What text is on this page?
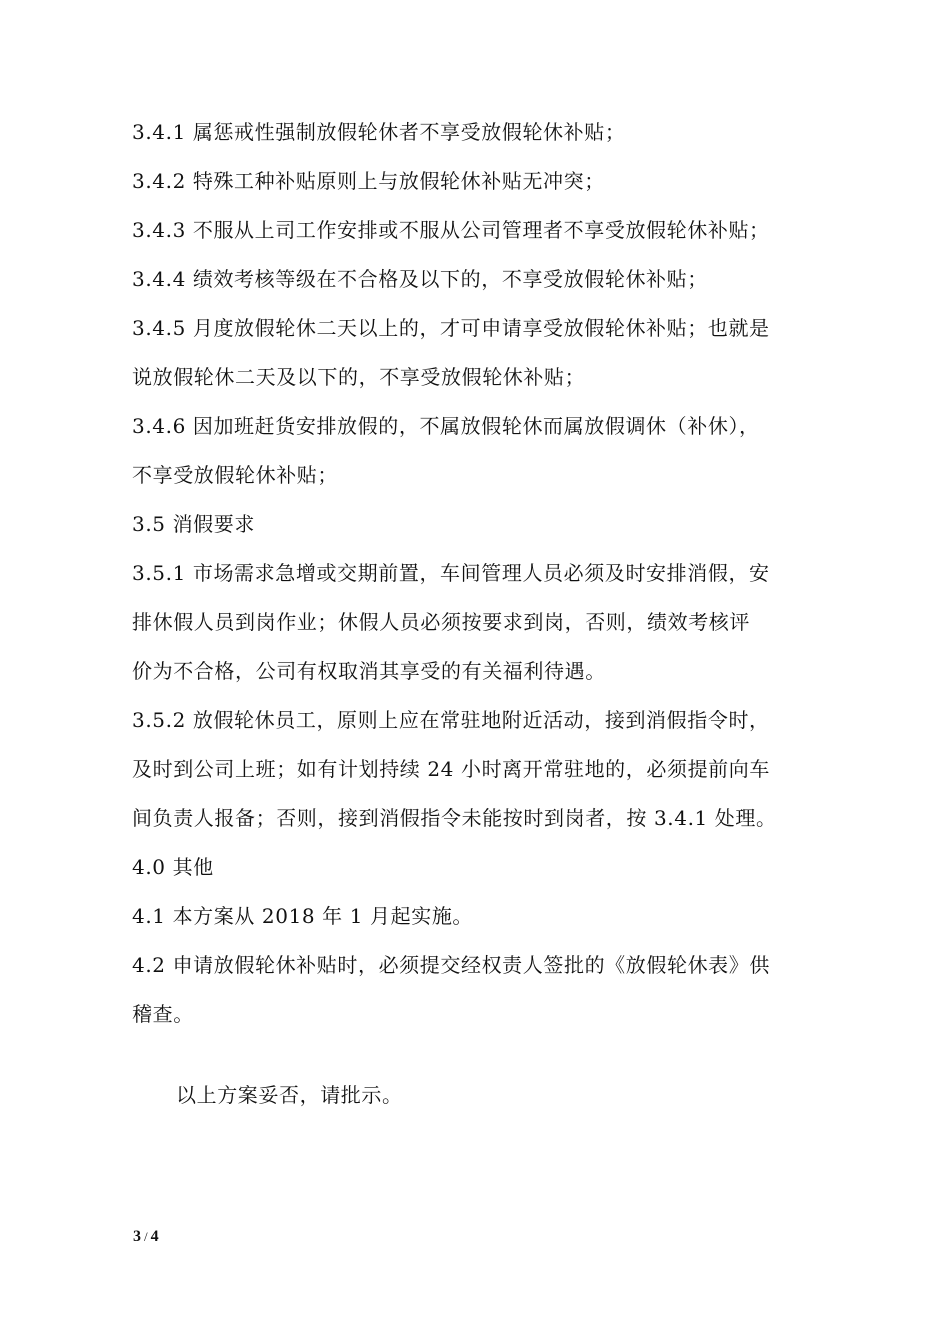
3.4.1 属惩戒性强制放假轮休者不享受放假轮休补贴；
3.4.2 特殊工种补贴原则上与放假轮休补贴无冲突；
3.4.3 不服从上司工作安排或不服从公司管理者不享受放假轮休补贴；
3.4.4 绩效考核等级在不合格及以下的，不享受放假轮休补贴；
3.4.5 月度放假轮休二天以上的，才可申请享受放假轮休补贴；也就是
说放假轮休二天及以下的，不享受放假轮休补贴；
3.4.6 因加班赶货安排放假的，不属放假轮休而属放假调休（补休），
不享受放假轮休补贴；
3.5 消假要求
3.5.1 市场需求急增或交期前置，车间管理人员必须及时安排消假，安
排休假人员到岗作业；休假人员必须按要求到岗，否则，绩效考核评
价为不合格，公司有权取消其享受的有关福利待遇。
3.5.2 放假轮休员工，原则上应在常驻地附近活动，接到消假指令时，
及时到公司上班；如有计划持续 24 小时离开常驻地的，必须提前向车
间负责人报备；否则，接到消假指令未能按时到岗者，按 3.4.1 处理。
4.0 其他
4.1 本方案从 2018 年 1 月起实施。
4.2 申请放假轮休补贴时，必须提交经权责人签批的《放假轮休表》供
稽查。
以上方案妥否，请批示。
3 / 4
